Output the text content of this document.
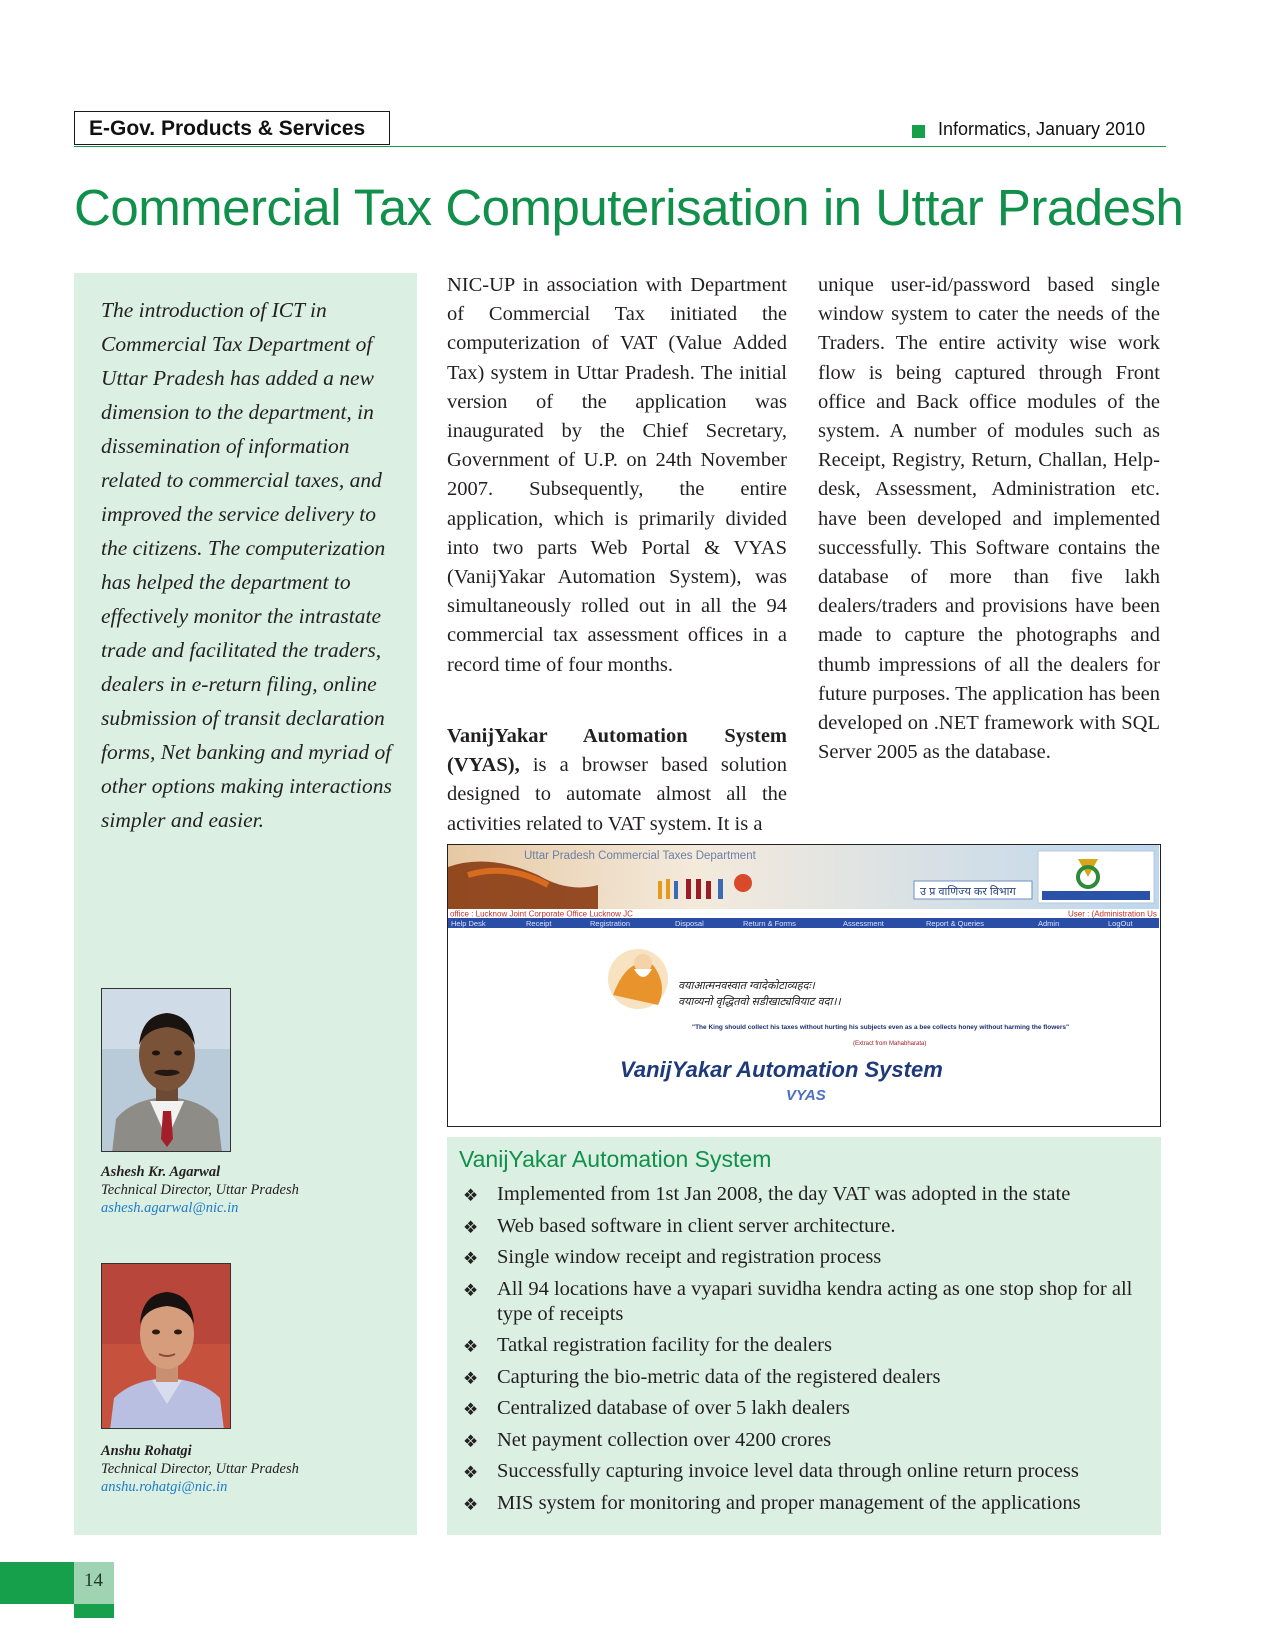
E-Gov. Products & Services	Informatics, January 2010
Commercial Tax Computerisation in Uttar Pradesh

The introduction of ICT in Commercial Tax Department of Uttar Pradesh has added a new dimension to the department, in dissemination of information related to commercial taxes, and improved the service delivery to the citizens. The computerization has helped the department to effectively monitor the intrastate trade and facilitated the traders, dealers in e-return filing, online submission of transit declaration forms, Net banking and myriad of other options making interactions simpler and easier.

Ashesh Kr. Agarwal
Technical Director, Uttar Pradesh
ashesh.agarwal@nic.in
Anshu Rohatgi
Technical Director, Uttar Pradesh
anshu.rohatgi@nic.in

NIC-UP in association with Department of Commercial Tax initiated the computerization of VAT (Value Added Tax) system in Uttar Pradesh. The initial version of the application was inaugurated by the Chief Secretary, Government of U.P. on 24th November 2007. Subsequently, the entire application, which is primarily divided into two parts Web Portal & VYAS (VanijYakar Automation System), was simultaneously rolled out in all the 94 commercial tax assessment offices in a record time of four months.

VanijYakar Automation System (VYAS), is a browser based solution designed to automate almost all the activities related to VAT system. It is a

unique user-id/password based single window system to cater the needs of the Traders. The entire activity wise work flow is being captured through Front office and Back office modules of the system. A number of modules such as Receipt, Registry, Return, Challan, Help-desk, Assessment, Administration etc. have been developed and implemented successfully. This Software contains the database of more than five lakh dealers/traders and provisions have been made to capture the photographs and thumb impressions of all the dealers for future purposes. The application has been developed on .NET framework with SQL Server 2005 as the database.

Uttar Pradesh Commercial Taxes Department
उ प्र वाणिज्य कर विभाग
office : Lucknow Joint Corporate Office Lucknow JC	User : (Administration Us
Help Desk	Receipt	Registration	Disposal	Return & Forms	Assessment	Report & Queries	Admin	LogOut
वयाआत्मनवस्वात ग्वादेकोटाव्यहदः।
वयाव्यनो वृद्धितवो सडीखाट्यवियाट वदा।।
"The King should collect his taxes without hurting his subjects even as a bee collects honey without harming the flowers"
(Extract from Mahabharata)
VanijYakar Automation System
VYAS
VanijYakar Automation System
❖ Implemented from 1st Jan 2008, the day VAT was adopted in the state
❖ Web based software in client server architecture.
❖ Single window receipt and registration process
❖ All 94 locations have a vyapari suvidha kendra acting as one stop shop for all type of receipts
❖ Tatkal registration facility for the dealers
❖ Capturing the bio-metric data of the registered dealers
❖ Centralized database of over 5 lakh dealers
❖ Net payment collection over 4200 crores
❖ Successfully capturing invoice level data through online return process
❖ MIS system for monitoring and proper management of the applications
14
